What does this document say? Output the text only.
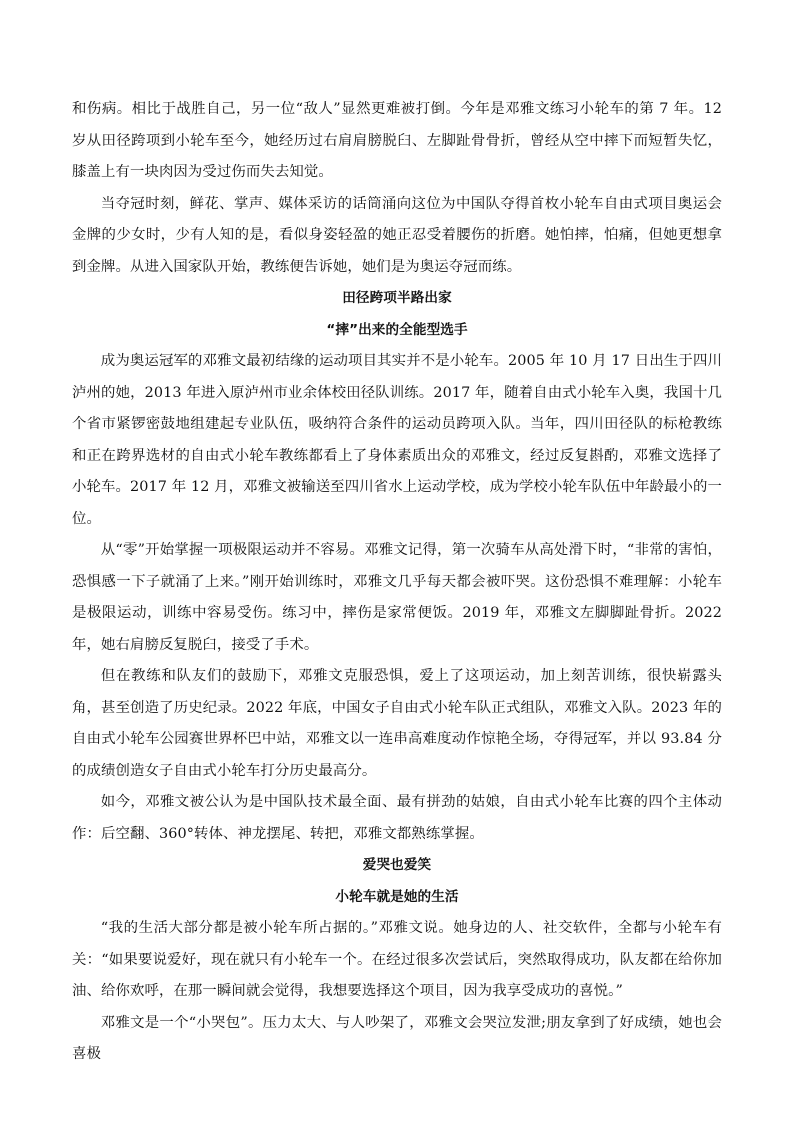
和伤病。相比于战胜自己，另一位“敌人”显然更难被打倒。今年是邓雅文练习小轮车的第 7 年。12 岁从田径跨项到小轮车至今，她经历过右肩肩膀脱臼、左脚趾骨骨折，曾经从空中摔下而短暂失忆，膝盖上有一块肉因为受过伤而失去知觉。

当夺冠时刻，鲜花、掌声、媒体采访的话筒涌向这位为中国队夺得首枚小轮车自由式项目奥运会金牌的少女时，少有人知的是，看似身姿轻盈的她正忍受着腰伤的折磨。她怕摔，怕痛，但她更想拿到金牌。从进入国家队开始，教练便告诉她，她们是为奥运夺冠而练。

田径跨项半路出家

“摔”出来的全能型选手

成为奥运冠军的邓雅文最初结缘的运动项目其实并不是小轮车。2005 年 10 月 17 日出生于四川泸州的她，2013 年进入原泸州市业余体校田径队训练。2017 年，随着自由式小轮车入奥，我国十几个省市紧锣密鼓地组建起专业队伍，吸纳符合条件的运动员跨项入队。当年，四川田径队的标枪教练和正在跨界选材的自由式小轮车教练都看上了身体素质出众的邓雅文，经过反复斟酌，邓雅文选择了小轮车。2017 年 12 月，邓雅文被输送至四川省水上运动学校，成为学校小轮车队伍中年龄最小的一位。

从“零”开始掌握一项极限运动并不容易。邓雅文记得，第一次骑车从高处滑下时，“非常的害怕，恐惧感一下子就涌了上来。”刚开始训练时，邓雅文几乎每天都会被吓哭。这份恐惧不难理解：小轮车是极限运动，训练中容易受伤。练习中，摔伤是家常便饭。2019 年，邓雅文左脚脚趾骨折。2022 年，她右肩膀反复脱臼，接受了手术。

但在教练和队友们的鼓励下，邓雅文克服恐惧，爱上了这项运动，加上刻苦训练，很快崭露头角，甚至创造了历史纪录。2022 年底，中国女子自由式小轮车队正式组队，邓雅文入队。2023 年的自由式小轮车公园赛世界杯巴中站，邓雅文以一连串高难度动作惊艳全场，夺得冠军，并以 93.84 分的成绩创造女子自由式小轮车打分历史最高分。

如今，邓雅文被公认为是中国队技术最全面、最有拼劲的姑娘，自由式小轮车比赛的四个主体动作：后空翻、360°转体、神龙摆尾、转把，邓雅文都熟练掌握。

爱哭也爱笑

小轮车就是她的生活

“我的生活大部分都是被小轮车所占据的。”邓雅文说。她身边的人、社交软件，全都与小轮车有关：“如果要说爱好，现在就只有小轮车一个。在经过很多次尝试后，突然取得成功，队友都在给你加油、给你欢呼，在那一瞬间就会觉得，我想要选择这个项目，因为我享受成功的喜悦。”

邓雅文是一个“小哭包”。压力太大、与人吵架了，邓雅文会哭泣发泄;朋友拿到了好成绩，她也会喜极
